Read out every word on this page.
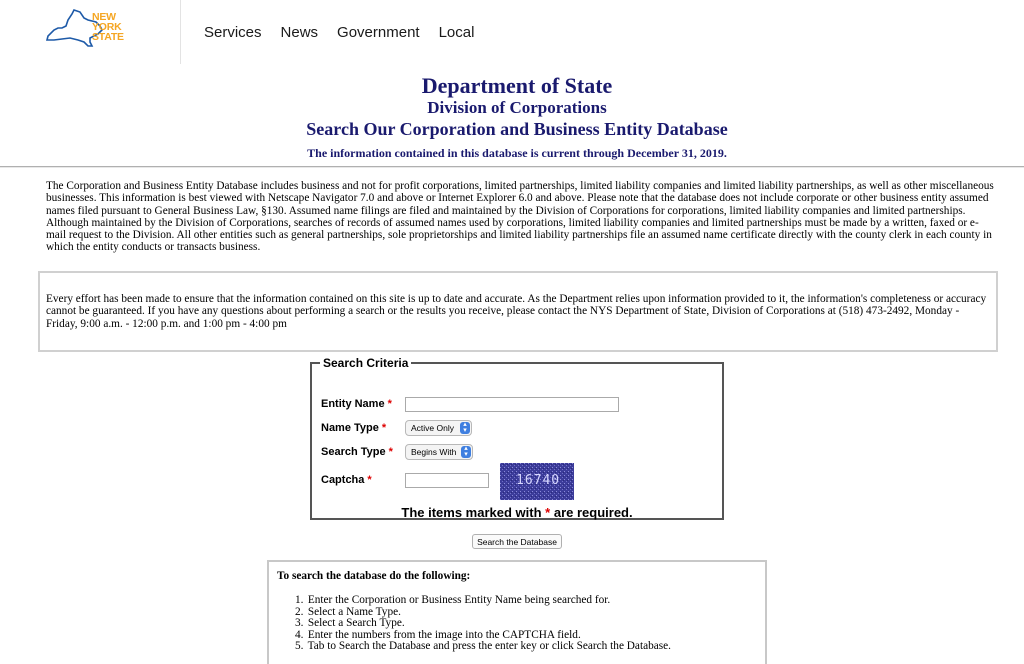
NEW
YORK
STATE	Services News Government Local
Department of State
Division of Corporations
Search Our Corporation and Business Entity Database
The information contained in this database is current through December 31, 2019.

The Corporation and Business Entity Database includes business and not for profit corporations, limited partnerships, limited liability companies and limited liability partnerships, as well as other miscellaneous businesses. This information is best viewed with Netscape Navigator 7.0 and above or Internet Explorer 6.0 and above. Please note that the database does not include corporate or other business entity assumed names filed pursuant to General Business Law, §130. Assumed name filings are filed and maintained by the Division of Corporations for corporations, limited liability companies and limited partnerships. Although maintained by the Division of Corporations, searches of records of assumed names used by corporations, limited liability companies and limited partnerships must be made by a written, faxed or e-mail request to the Division. All other entities such as general partnerships, sole proprietorships and limited liability partnerships file an assumed name certificate directly with the county clerk in each county in which the entity conducts or transacts business.

Every effort has been made to ensure that the information contained on this site is up to date and accurate. As the Department relies upon information provided to it, the information's completeness or accuracy cannot be guaranteed. If you have any questions about performing a search or the results you receive, please contact the NYS Department of State, Division of Corporations at (518) 473-2492, Monday - Friday, 9:00 a.m. - 12:00 p.m. and 1:00 pm - 4:00 pm

Search Criteria
Entity Name *
Name Type *	Active Only	▴
▾
Search Type *	Begins With	▴
▾
Captcha *	16740
The items marked with * are required.
Search the Database
To search the database do the following:
1. Enter the Corporation or Business Entity Name being searched for.
2. Select a Name Type.
3. Select a Search Type.
4. Enter the numbers from the image into the CAPTCHA field.
5. Tab to Search the Database and press the enter key or click Search the Database.
